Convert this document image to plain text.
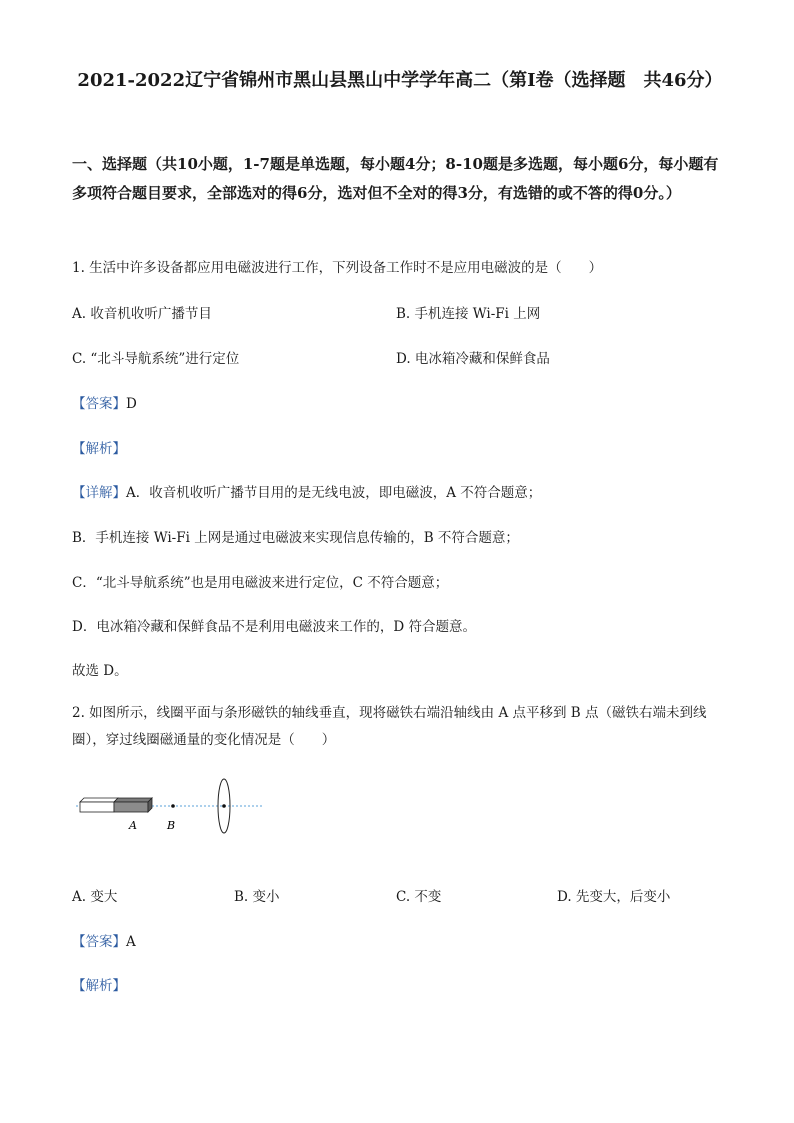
2021-2022辽宁省锦州市黑山县黑山中学学年高二（第I卷（选择题　共46分）
一、选择题（共10小题，1-7题是单选题，每小题4分；8-10题是多选题，每小题6分，每小题有多项符合题目要求，全部选对的得6分，选对但不全对的得3分，有选错的或不答的得0分。）
1. 生活中许多设备都应用电磁波进行工作，下列设备工作时不是应用电磁波的是（　　）
A. 收音机收听广播节目	B. 手机连接 Wi-Fi 上网
C. “北斗导航系统”进行定位	D. 电冰箱冷藏和保鲜食品
【答案】D
【解析】
【详解】A．收音机收听广播节目用的是无线电波，即电磁波，A 不符合题意；
B．手机连接 Wi-Fi 上网是通过电磁波来实现信息传输的，B 不符合题意；
C．“北斗导航系统”也是用电磁波来进行定位，C 不符合题意；
D．电冰箱冷藏和保鲜食品不是利用电磁波来工作的，D 符合题意。
故选 D。
2. 如图所示，线圈平面与条形磁铁的轴线垂直，现将磁铁右端沿轴线由 A 点平移到 B 点（磁铁右端未到线圈），穿过线圈磁通量的变化情况是（　　）
A	B
A. 变大	B. 变小	C. 不变	D. 先变大，后变小
【答案】A
【解析】
